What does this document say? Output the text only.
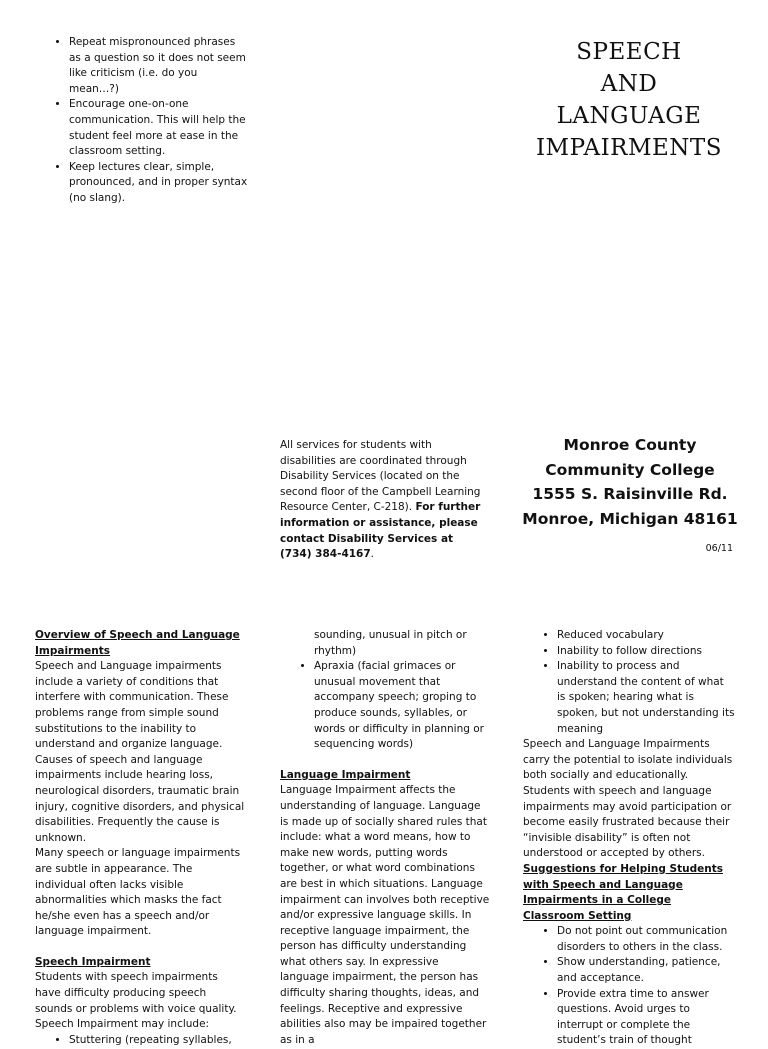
• Repeat mispronounced phrases as a question so it does not seem like criticism (i.e. do you mean…?)
• Encourage one-on-one communication. This will help the student feel more at ease in the classroom setting.
• Keep lectures clear, simple, pronounced, and in proper syntax (no slang).
SPEECH
AND
LANGUAGE
IMPAIRMENTS
All services for students with disabilities are coordinated through Disability Services (located on the second floor of the Campbell Learning Resource Center, C-218). For further information or assistance, please contact Disability Services at (734) 384-4167.
Monroe County
Community College
1555 S. Raisinville Rd.
Monroe, Michigan 48161
06/11

Overview of Speech and Language Impairments

Speech and Language impairments include a variety of conditions that interfere with communication. These problems range from simple sound substitutions to the inability to understand and organize language. Causes of speech and language impairments include hearing loss, neurological disorders, traumatic brain injury, cognitive disorders, and physical disabilities. Frequently the cause is unknown.

Many speech or language impairments are subtle in appearance. The individual often lacks visible abnormalities which masks the fact he/she even has a speech and/or language impairment.

Speech Impairment

Students with speech impairments have difficulty producing speech sounds or problems with voice quality.

Speech Impairment may include:

• Stuttering (repeating syllables,

sounding, unusual in pitch or rhythm)

• Apraxia (facial grimaces or unusual movement that accompany speech; groping to produce sounds, syllables, or words or difficulty in planning or sequencing words)

Language Impairment

Language Impairment affects the understanding of language. Language is made up of socially shared rules that include: what a word means, how to make new words, putting words together, or what word combinations are best in which situations. Language impairment can involves both receptive and/or expressive language skills. In receptive language impairment, the person has difficulty understanding what others say. In expressive language impairment, the person has difficulty sharing thoughts, ideas, and feelings. Receptive and expressive abilities also may be impaired together as in a

• Reduced vocabulary
• Inability to follow directions
• Inability to process and understand the content of what is spoken; hearing what is spoken, but not understanding its meaning

Speech and Language Impairments carry the potential to isolate individuals both socially and educationally.

Students with speech and language impairments may avoid participation or become easily frustrated because their “invisible disability” is often not understood or accepted by others.

Suggestions for Helping Students with Speech and Language Impairments in a College Classroom Setting

• Do not point out communication disorders to others in the class.
• Show understanding, patience, and acceptance.
• Provide extra time to answer questions. Avoid urges to interrupt or complete the student’s train of thought
